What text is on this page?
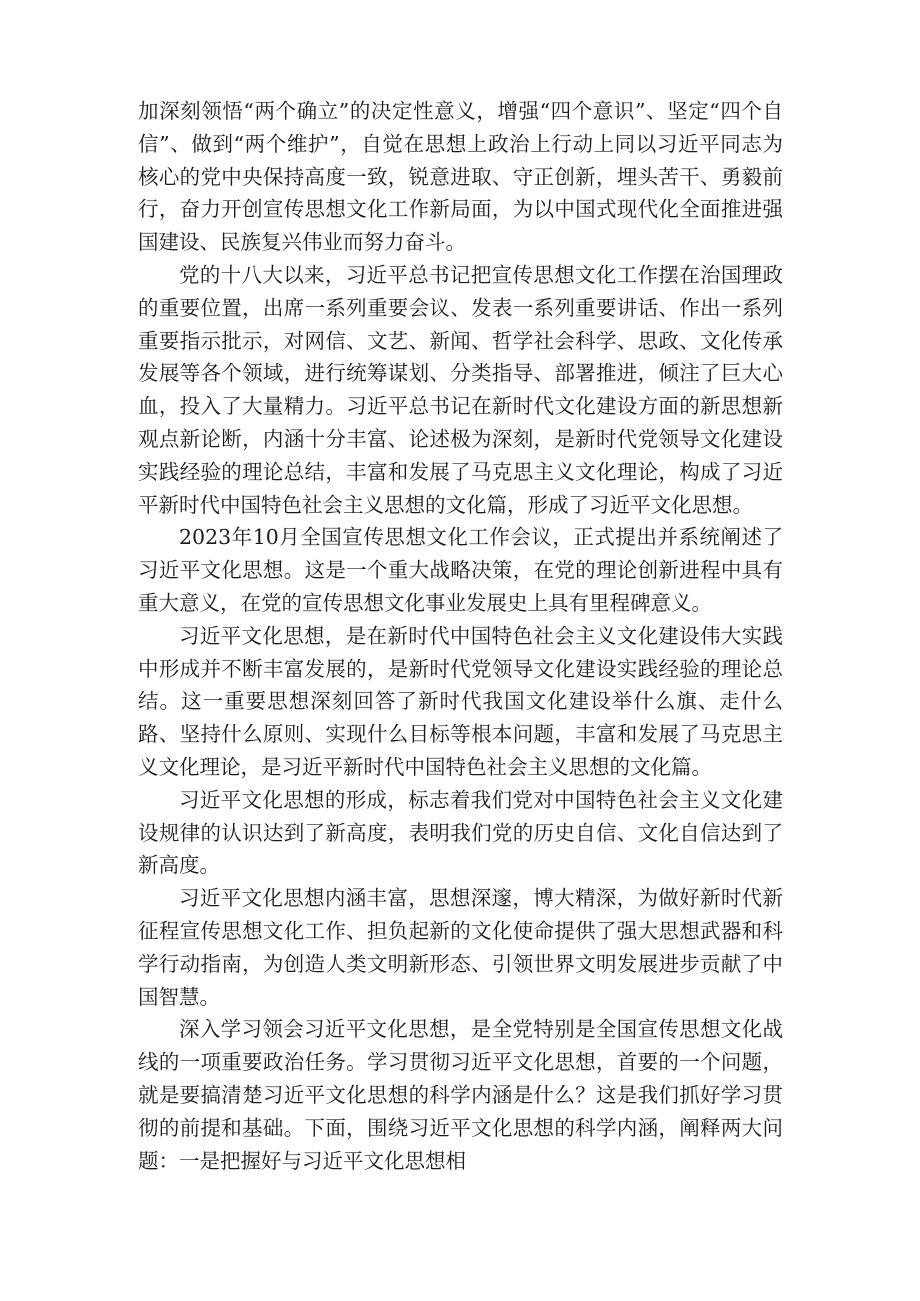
加深刻领悟“两个确立”的决定性意义，增强“四个意识”、坚定“四个自信”、做到“两个维护”，自觉在思想上政治上行动上同以习近平同志为核心的党中央保持高度一致，锐意进取、守正创新，埋头苦干、勇毅前行，奋力开创宣传思想文化工作新局面，为以中国式现代化全面推进强国建设、民族复兴伟业而努力奋斗。

党的十八大以来，习近平总书记把宣传思想文化工作摆在治国理政的重要位置，出席一系列重要会议、发表一系列重要讲话、作出一系列重要指示批示，对网信、文艺、新闻、哲学社会科学、思政、文化传承发展等各个领域，进行统筹谋划、分类指导、部署推进，倾注了巨大心血，投入了大量精力。习近平总书记在新时代文化建设方面的新思想新观点新论断，内涵十分丰富、论述极为深刻，是新时代党领导文化建设实践经验的理论总结，丰富和发展了马克思主义文化理论，构成了习近平新时代中国特色社会主义思想的文化篇，形成了习近平文化思想。

2023年10月全国宣传思想文化工作会议，正式提出并系统阐述了习近平文化思想。这是一个重大战略决策，在党的理论创新进程中具有重大意义，在党的宣传思想文化事业发展史上具有里程碑意义。

习近平文化思想，是在新时代中国特色社会主义文化建设伟大实践中形成并不断丰富发展的，是新时代党领导文化建设实践经验的理论总结。这一重要思想深刻回答了新时代我国文化建设举什么旗、走什么路、坚持什么原则、实现什么目标等根本问题，丰富和发展了马克思主义文化理论，是习近平新时代中国特色社会主义思想的文化篇。

习近平文化思想的形成，标志着我们党对中国特色社会主义文化建设规律的认识达到了新高度，表明我们党的历史自信、文化自信达到了新高度。

习近平文化思想内涵丰富，思想深邃，博大精深，为做好新时代新征程宣传思想文化工作、担负起新的文化使命提供了强大思想武器和科学行动指南，为创造人类文明新形态、引领世界文明发展进步贡献了中国智慧。

深入学习领会习近平文化思想，是全党特别是全国宣传思想文化战线的一项重要政治任务。学习贯彻习近平文化思想，首要的一个问题，就是要搞清楚习近平文化思想的科学内涵是什么？这是我们抓好学习贯彻的前提和基础。下面，围绕习近平文化思想的科学内涵，阐释两大问题：一是把握好与习近平文化思想相
